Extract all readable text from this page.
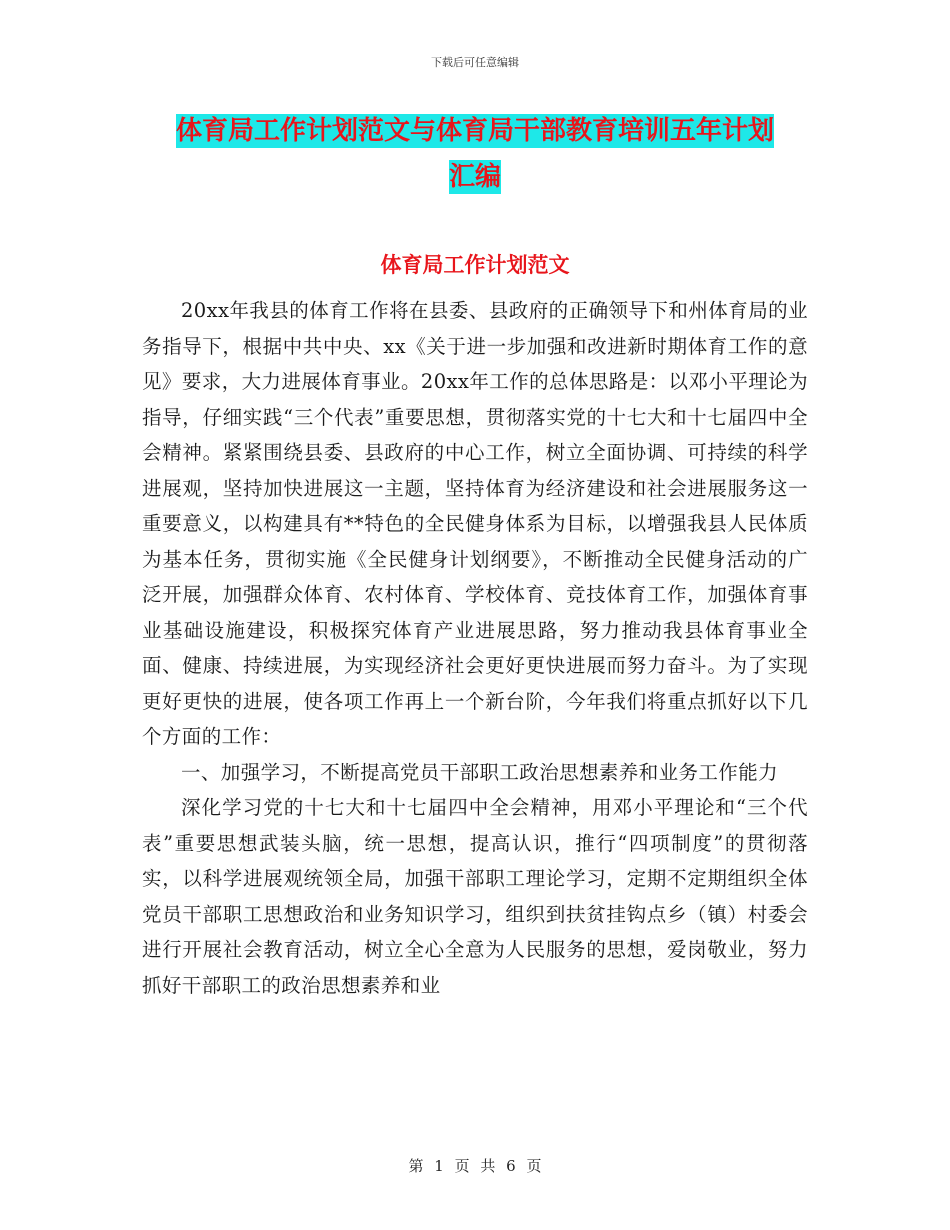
下载后可任意编辑
体育局工作计划范文与体育局干部教育培训五年计划
汇编
体育局工作计划范文

20xx年我县的体育工作将在县委、县政府的正确领导下和州体育局的业务指导下，根据中共中央、xx《关于进一步加强和改进新时期体育工作的意见》要求，大力进展体育事业。20xx年工作的总体思路是：以邓小平理论为指导，仔细实践“三个代表”重要思想，贯彻落实党的十七大和十七届四中全会精神。紧紧围绕县委、县政府的中心工作，树立全面协调、可持续的科学进展观，坚持加快进展这一主题，坚持体育为经济建设和社会进展服务这一重要意义，以构建具有**特色的全民健身体系为目标，以增强我县人民体质为基本任务，贯彻实施《全民健身计划纲要》，不断推动全民健身活动的广泛开展，加强群众体育、农村体育、学校体育、竞技体育工作，加强体育事业基础设施建设，积极探究体育产业进展思路，努力推动我县体育事业全面、健康、持续进展，为实现经济社会更好更快进展而努力奋斗。为了实现更好更快的进展，使各项工作再上一个新台阶，今年我们将重点抓好以下几个方面的工作：

一、加强学习，不断提高党员干部职工政治思想素养和业务工作能力

深化学习党的十七大和十七届四中全会精神，用邓小平理论和“三个代表”重要思想武装头脑，统一思想，提高认识，推行“四项制度”的贯彻落实，以科学进展观统领全局，加强干部职工理论学习，定期不定期组织全体党员干部职工思想政治和业务知识学习，组织到扶贫挂钩点乡（镇）村委会进行开展社会教育活动，树立全心全意为人民服务的思想，爱岗敬业，努力抓好干部职工的政治思想素养和业

第 1 页 共 6 页
